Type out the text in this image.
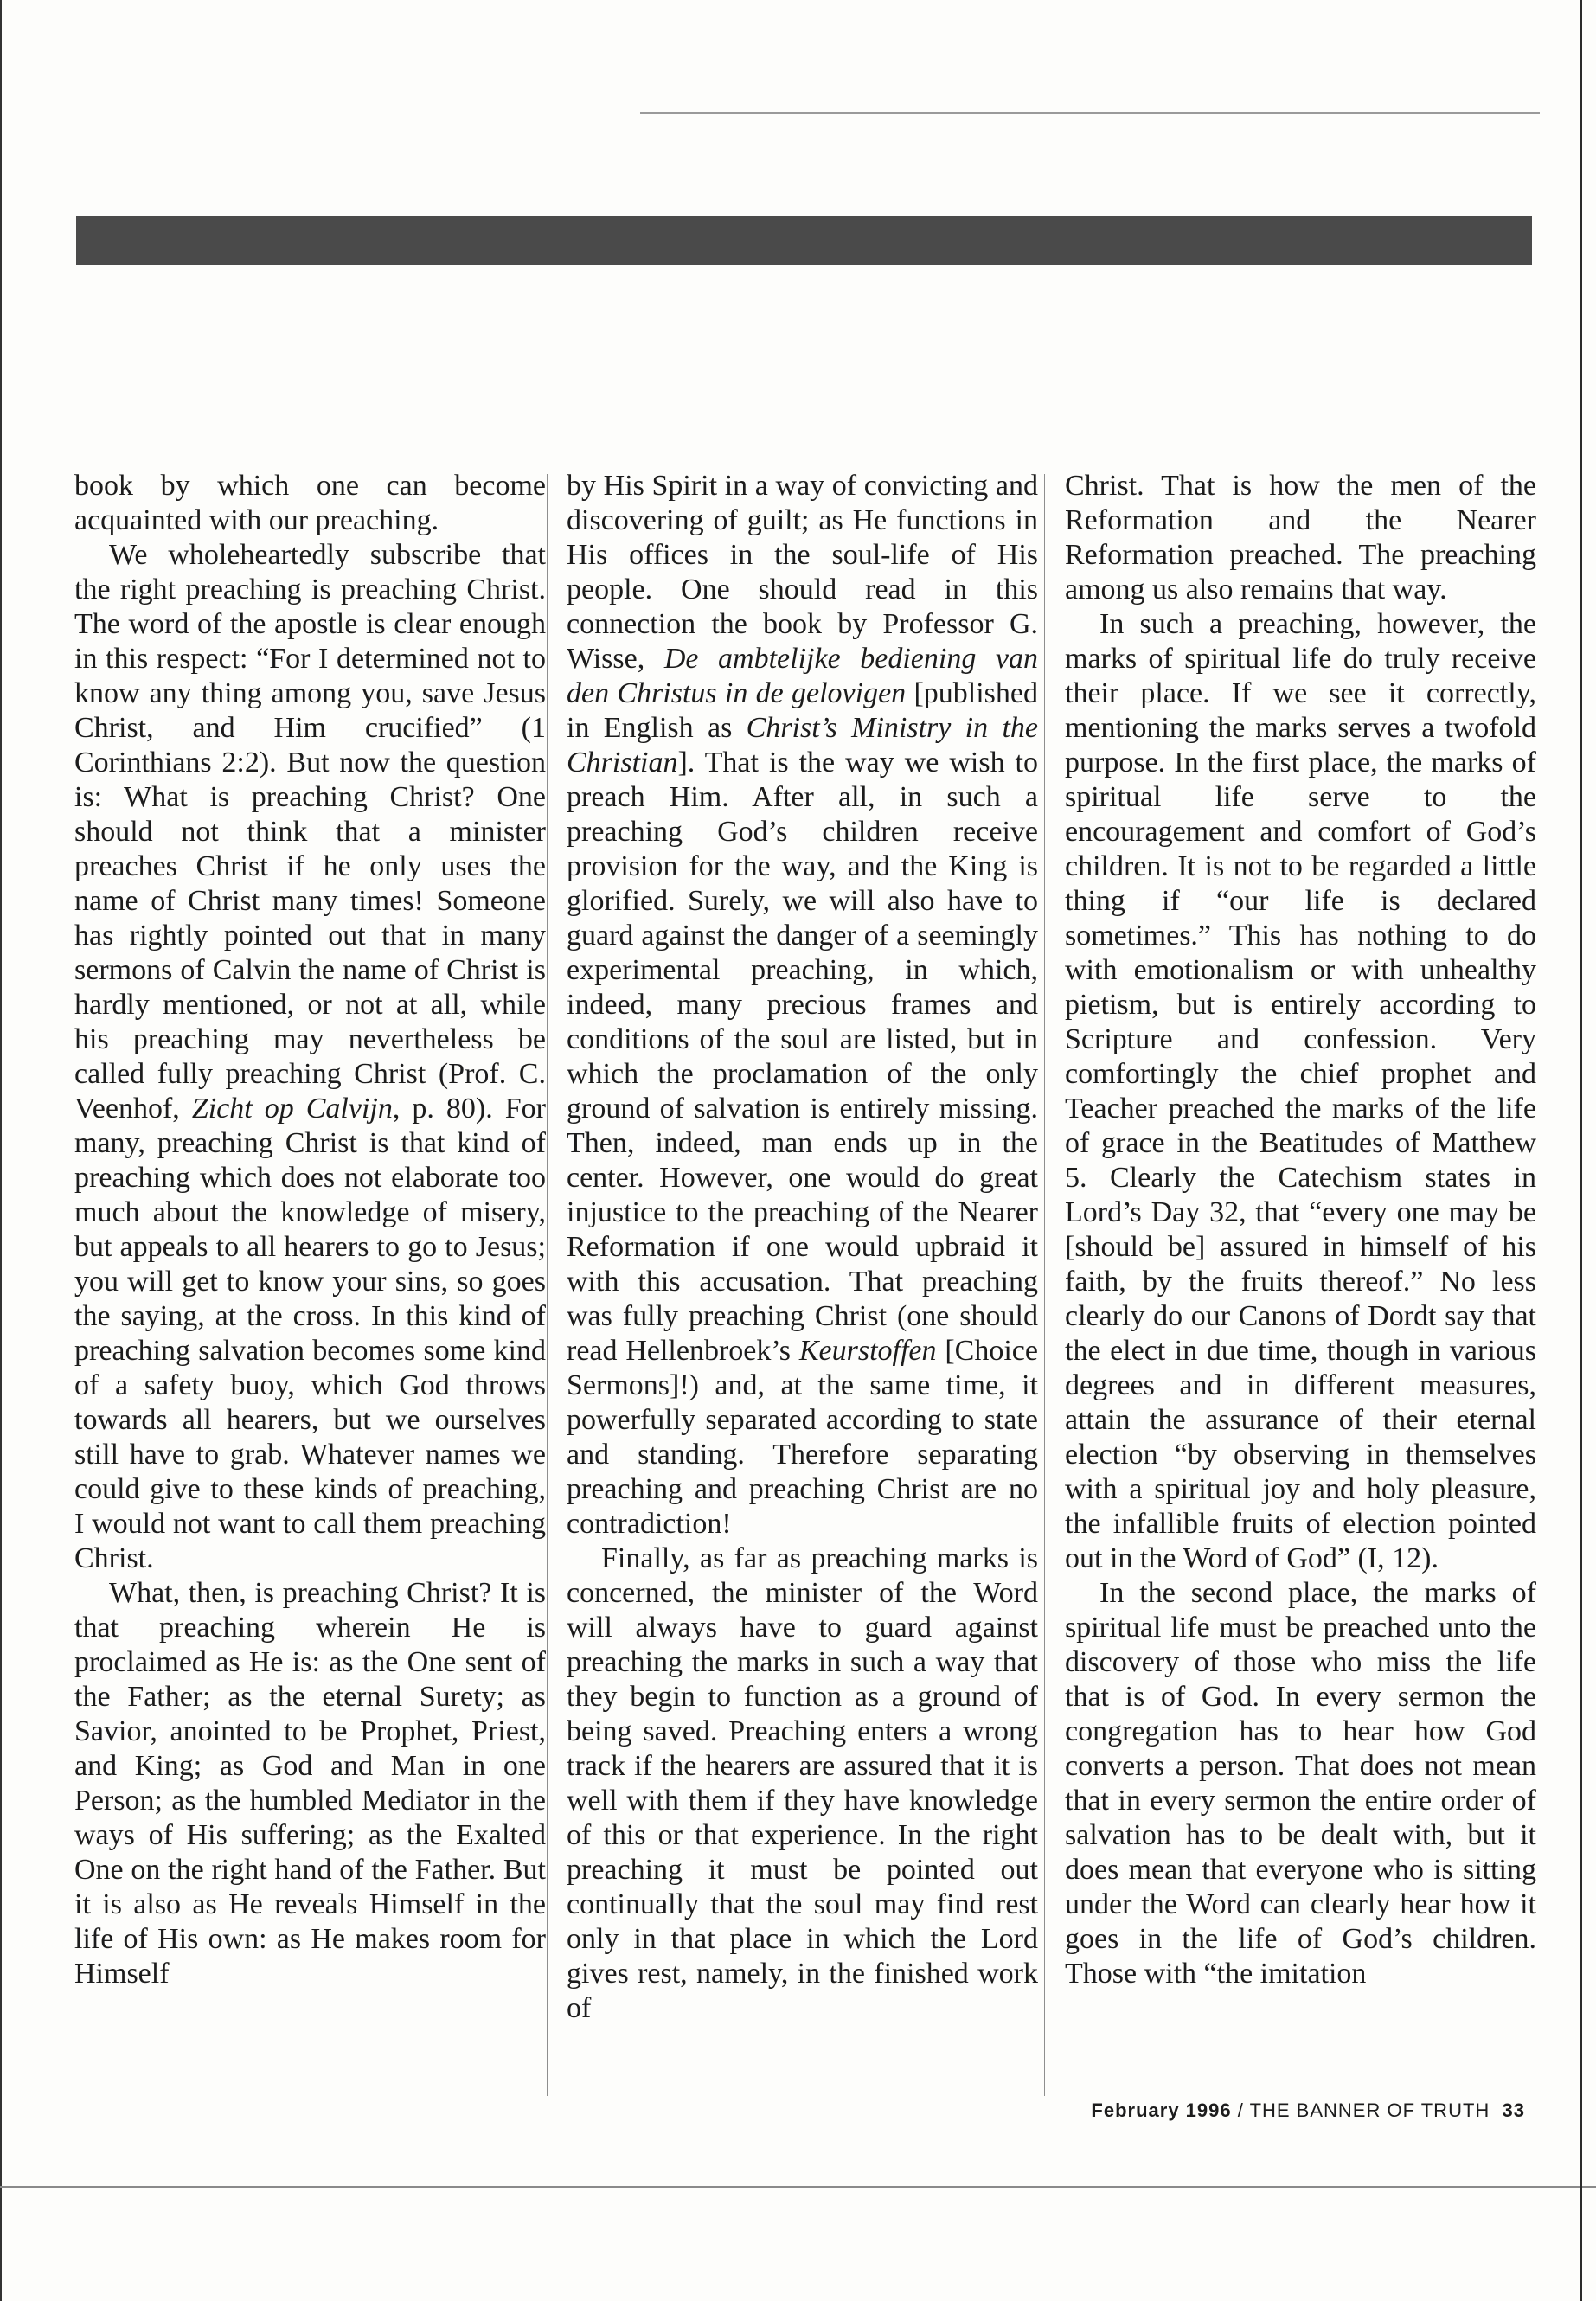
book by which one can become acquainted with our preaching.

We wholeheartedly subscribe that the right preaching is preaching Christ. The word of the apostle is clear enough in this respect: “For I determined not to know any thing among you, save Jesus Christ, and Him crucified” (1 Corinthians 2:2). But now the question is: What is preaching Christ? One should not think that a minister preaches Christ if he only uses the name of Christ many times! Someone has rightly pointed out that in many sermons of Calvin the name of Christ is hardly mentioned, or not at all, while his preaching may nevertheless be called fully preaching Christ (Prof. C. Veenhof, Zicht op Calvijn, p. 80). For many, preaching Christ is that kind of preaching which does not elaborate too much about the knowledge of misery, but appeals to all hearers to go to Jesus; you will get to know your sins, so goes the saying, at the cross. In this kind of preaching salvation becomes some kind of a safety buoy, which God throws towards all hearers, but we ourselves still have to grab. Whatever names we could give to these kinds of preaching, I would not want to call them preaching Christ.

What, then, is preaching Christ? It is that preaching wherein He is proclaimed as He is: as the One sent of the Father; as the eternal Surety; as Savior, anointed to be Prophet, Priest, and King; as God and Man in one Person; as the humbled Mediator in the ways of His suffering; as the Exalted One on the right hand of the Father. But it is also as He reveals Himself in the life of His own: as He makes room for Himself

by His Spirit in a way of convicting and discovering of guilt; as He functions in His offices in the soul-life of His people. One should read in this connection the book by Professor G. Wisse, De ambtelijke bediening van den Christus in de gelovigen [published in English as Christ’s Ministry in the Christian]. That is the way we wish to preach Him. After all, in such a preaching God’s children receive provision for the way, and the King is glorified. Surely, we will also have to guard against the danger of a seemingly experimental preaching, in which, indeed, many precious frames and conditions of the soul are listed, but in which the proclamation of the only ground of salvation is entirely missing. Then, indeed, man ends up in the center. However, one would do great injustice to the preaching of the Nearer Reformation if one would upbraid it with this accusation. That preaching was fully preaching Christ (one should read Hellenbroek’s Keurstoffen [Choice Sermons]!) and, at the same time, it powerfully separated according to state and standing. Therefore separating preaching and preaching Christ are no contradiction!

Finally, as far as preaching marks is concerned, the minister of the Word will always have to guard against preaching the marks in such a way that they begin to function as a ground of being saved. Preaching enters a wrong track if the hearers are assured that it is well with them if they have knowledge of this or that experience. In the right preaching it must be pointed out continually that the soul may find rest only in that place in which the Lord gives rest, namely, in the finished work of

Christ. That is how the men of the Reformation and the Nearer Reformation preached. The preaching among us also remains that way.

In such a preaching, however, the marks of spiritual life do truly receive their place. If we see it correctly, mentioning the marks serves a twofold purpose. In the first place, the marks of spiritual life serve to the encouragement and comfort of God’s children. It is not to be regarded a little thing if “our life is declared sometimes.” This has nothing to do with emotionalism or with unhealthy pietism, but is entirely according to Scripture and confession. Very comfortingly the chief prophet and Teacher preached the marks of the life of grace in the Beatitudes of Matthew 5. Clearly the Catechism states in Lord’s Day 32, that “every one may be [should be] assured in himself of his faith, by the fruits thereof.” No less clearly do our Canons of Dordt say that the elect in due time, though in various degrees and in different measures, attain the assurance of their eternal election “by observing in themselves with a spiritual joy and holy pleasure, the infallible fruits of election pointed out in the Word of God” (I, 12).

In the second place, the marks of spiritual life must be preached unto the discovery of those who miss the life that is of God. In every sermon the congregation has to hear how God converts a person. That does not mean that in every sermon the entire order of salvation has to be dealt with, but it does mean that everyone who is sitting under the Word can clearly hear how it goes in the life of God’s children. Those with “the imitation

February 1996 / THE BANNER OF TRUTH 33
